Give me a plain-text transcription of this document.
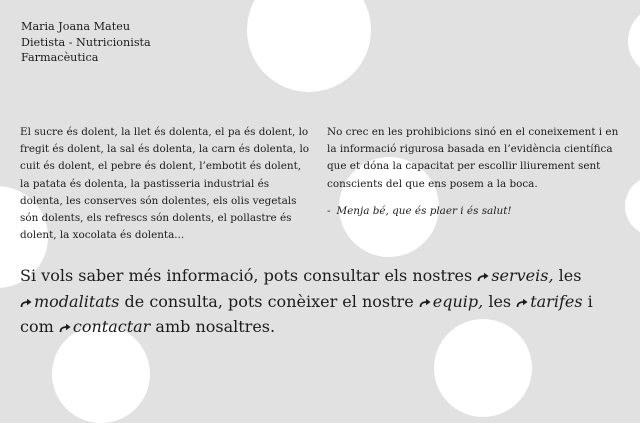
Maria Joana Mateu
Dietista - Nutricionista
Farmacèutica

El sucre és dolent, la llet és dolenta, el pa és dolent, lo fregit és dolent, la sal és dolenta, la carn és dolenta, lo cuit és dolent, el pebre és dolent, l’embotit és dolent, la patata és dolenta, la pastisseria industrial és dolenta, les conserves són dolentes, els olis vegetals són dolents, els refrescs són dolents, el pollastre és dolent, la xocolata és dolenta...

No crec en les prohibicions sinó en el coneixement i en la informació rigurosa basada en l’evidència científica que et dóna la capacitat per escollir lliurement sent conscients del que ens posem a la boca.

- Menja bé, que és plaer i és salut!

Si vols saber més informació, pots consultar els nostres serveis, les modalitats de consulta, pots conèixer el nostre equip, les tarifes i com contactar amb nosaltres.
